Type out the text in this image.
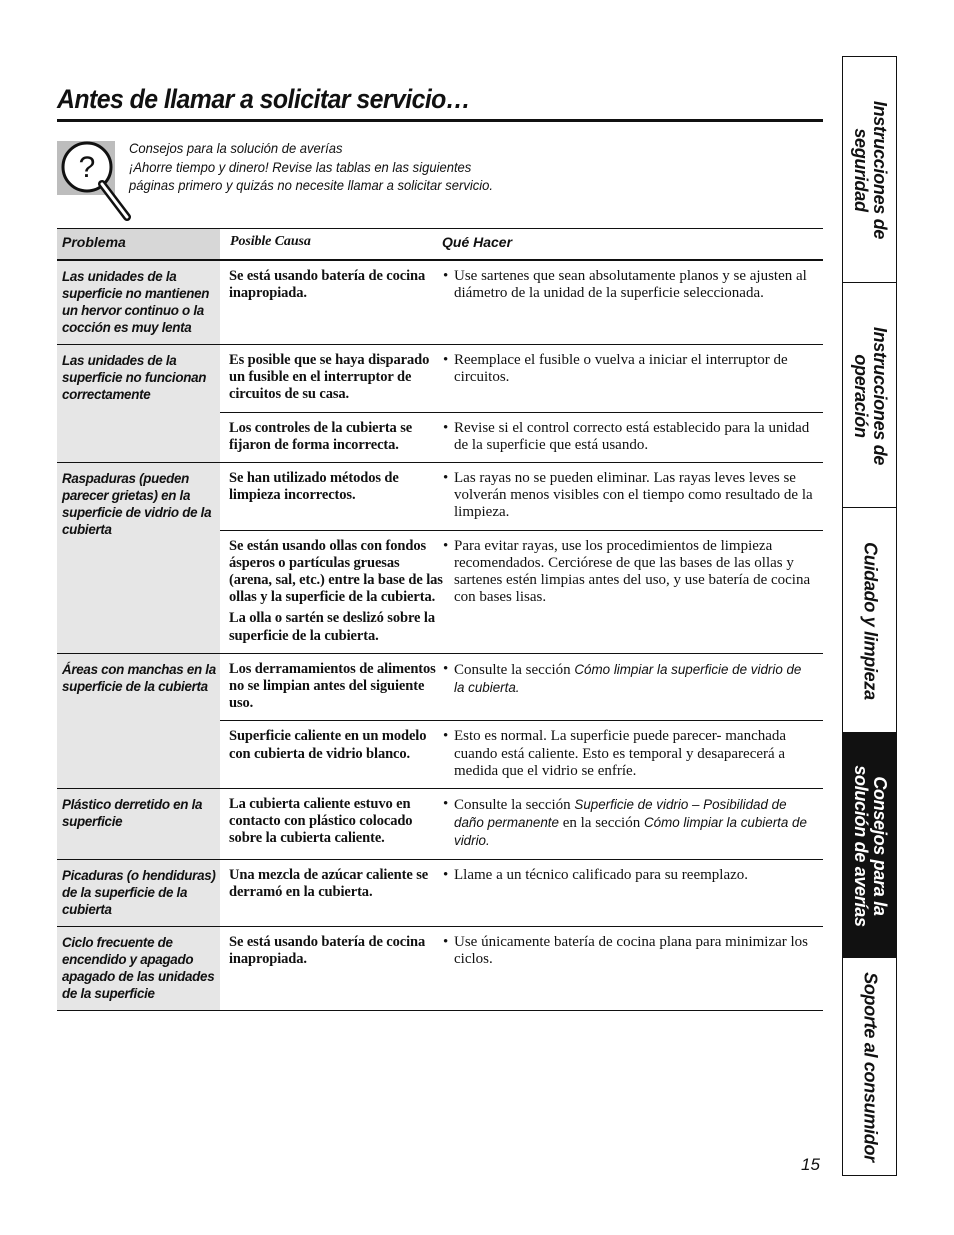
Antes de llamar a solicitar servicio…
?
Consejos para la solución de averías
¡Ahorre tiempo y dinero! Revise las tablas en las siguientes
páginas primero y quizás no necesite llamar a solicitar servicio.
Problema	Posible Causa	Qué Hacer
Las unidades de la superficie no mantienen un hervor continuo o la cocción es muy lenta

Se está usando batería de cocina inapropiada.

• Use sartenes que sean absolutamente planos y se ajusten al diámetro de la unidad de la superficie seleccionada.
Las unidades de la superficie no funcionan correctamente

Es posible que se haya disparado un fusible en el interruptor de circuitos de su casa.

• Reemplace el fusible o vuelva a iniciar el interruptor de circuitos.

Los controles de la cubierta se fijaron de forma incorrecta.

• Revise si el control correcto está establecido para la unidad de la superficie que está usando.
Raspaduras (pueden parecer grietas) en la superficie de vidrio de la cubierta

Se han utilizado métodos de limpieza incorrectos.

• Las rayas no se pueden eliminar. Las rayas leves leves se volverán menos visibles con el tiempo como resultado de la limpieza.

Se están usando ollas con fondos ásperos o partículas gruesas (arena, sal, etc.) entre la base de las ollas y la superficie de la cubierta.

La olla o sartén se deslizó sobre la superficie de la cubierta.

• Para evitar rayas, use los procedimientos de limpieza recomendados. Cerciórese de que las bases de las ollas y sartenes estén limpias antes del uso, y use batería de cocina con bases lisas.
Áreas con manchas en la superficie de la cubierta

Los derramamientos de alimentos no se limpian antes del siguiente uso.

• Consulte la sección Cómo limpiar la superficie de vidrio de la cubierta.

Superficie caliente en un modelo con cubierta de vidrio blanco.

• Esto es normal. La superficie puede parecer- manchada cuando está caliente. Esto es temporal y desaparecerá a medida que el vidrio se enfríe.
Plástico derretido en la superficie

La cubierta caliente estuvo en contacto con plástico colocado sobre la cubierta caliente.

• Consulte la sección Superficie de vidrio – Posibilidad de daño permanente en la sección Cómo limpiar la cubierta de vidrio.
Picaduras (o hendiduras) de la superficie de la cubierta

Una mezcla de azúcar caliente se derramó en la cubierta.

• Llame a un técnico calificado para su reemplazo.
Ciclo frecuente de encendido y apagado apagado de las unidades de la superficie

Se está usando batería de cocina inapropiada.

• Use únicamente batería de cocina plana para minimizar los ciclos.
Instrucciones de
seguridad
Instrucciones de
operación
Cuidado y limpieza
Consejos para la
solución de averías
Soporte al consumidor
15
